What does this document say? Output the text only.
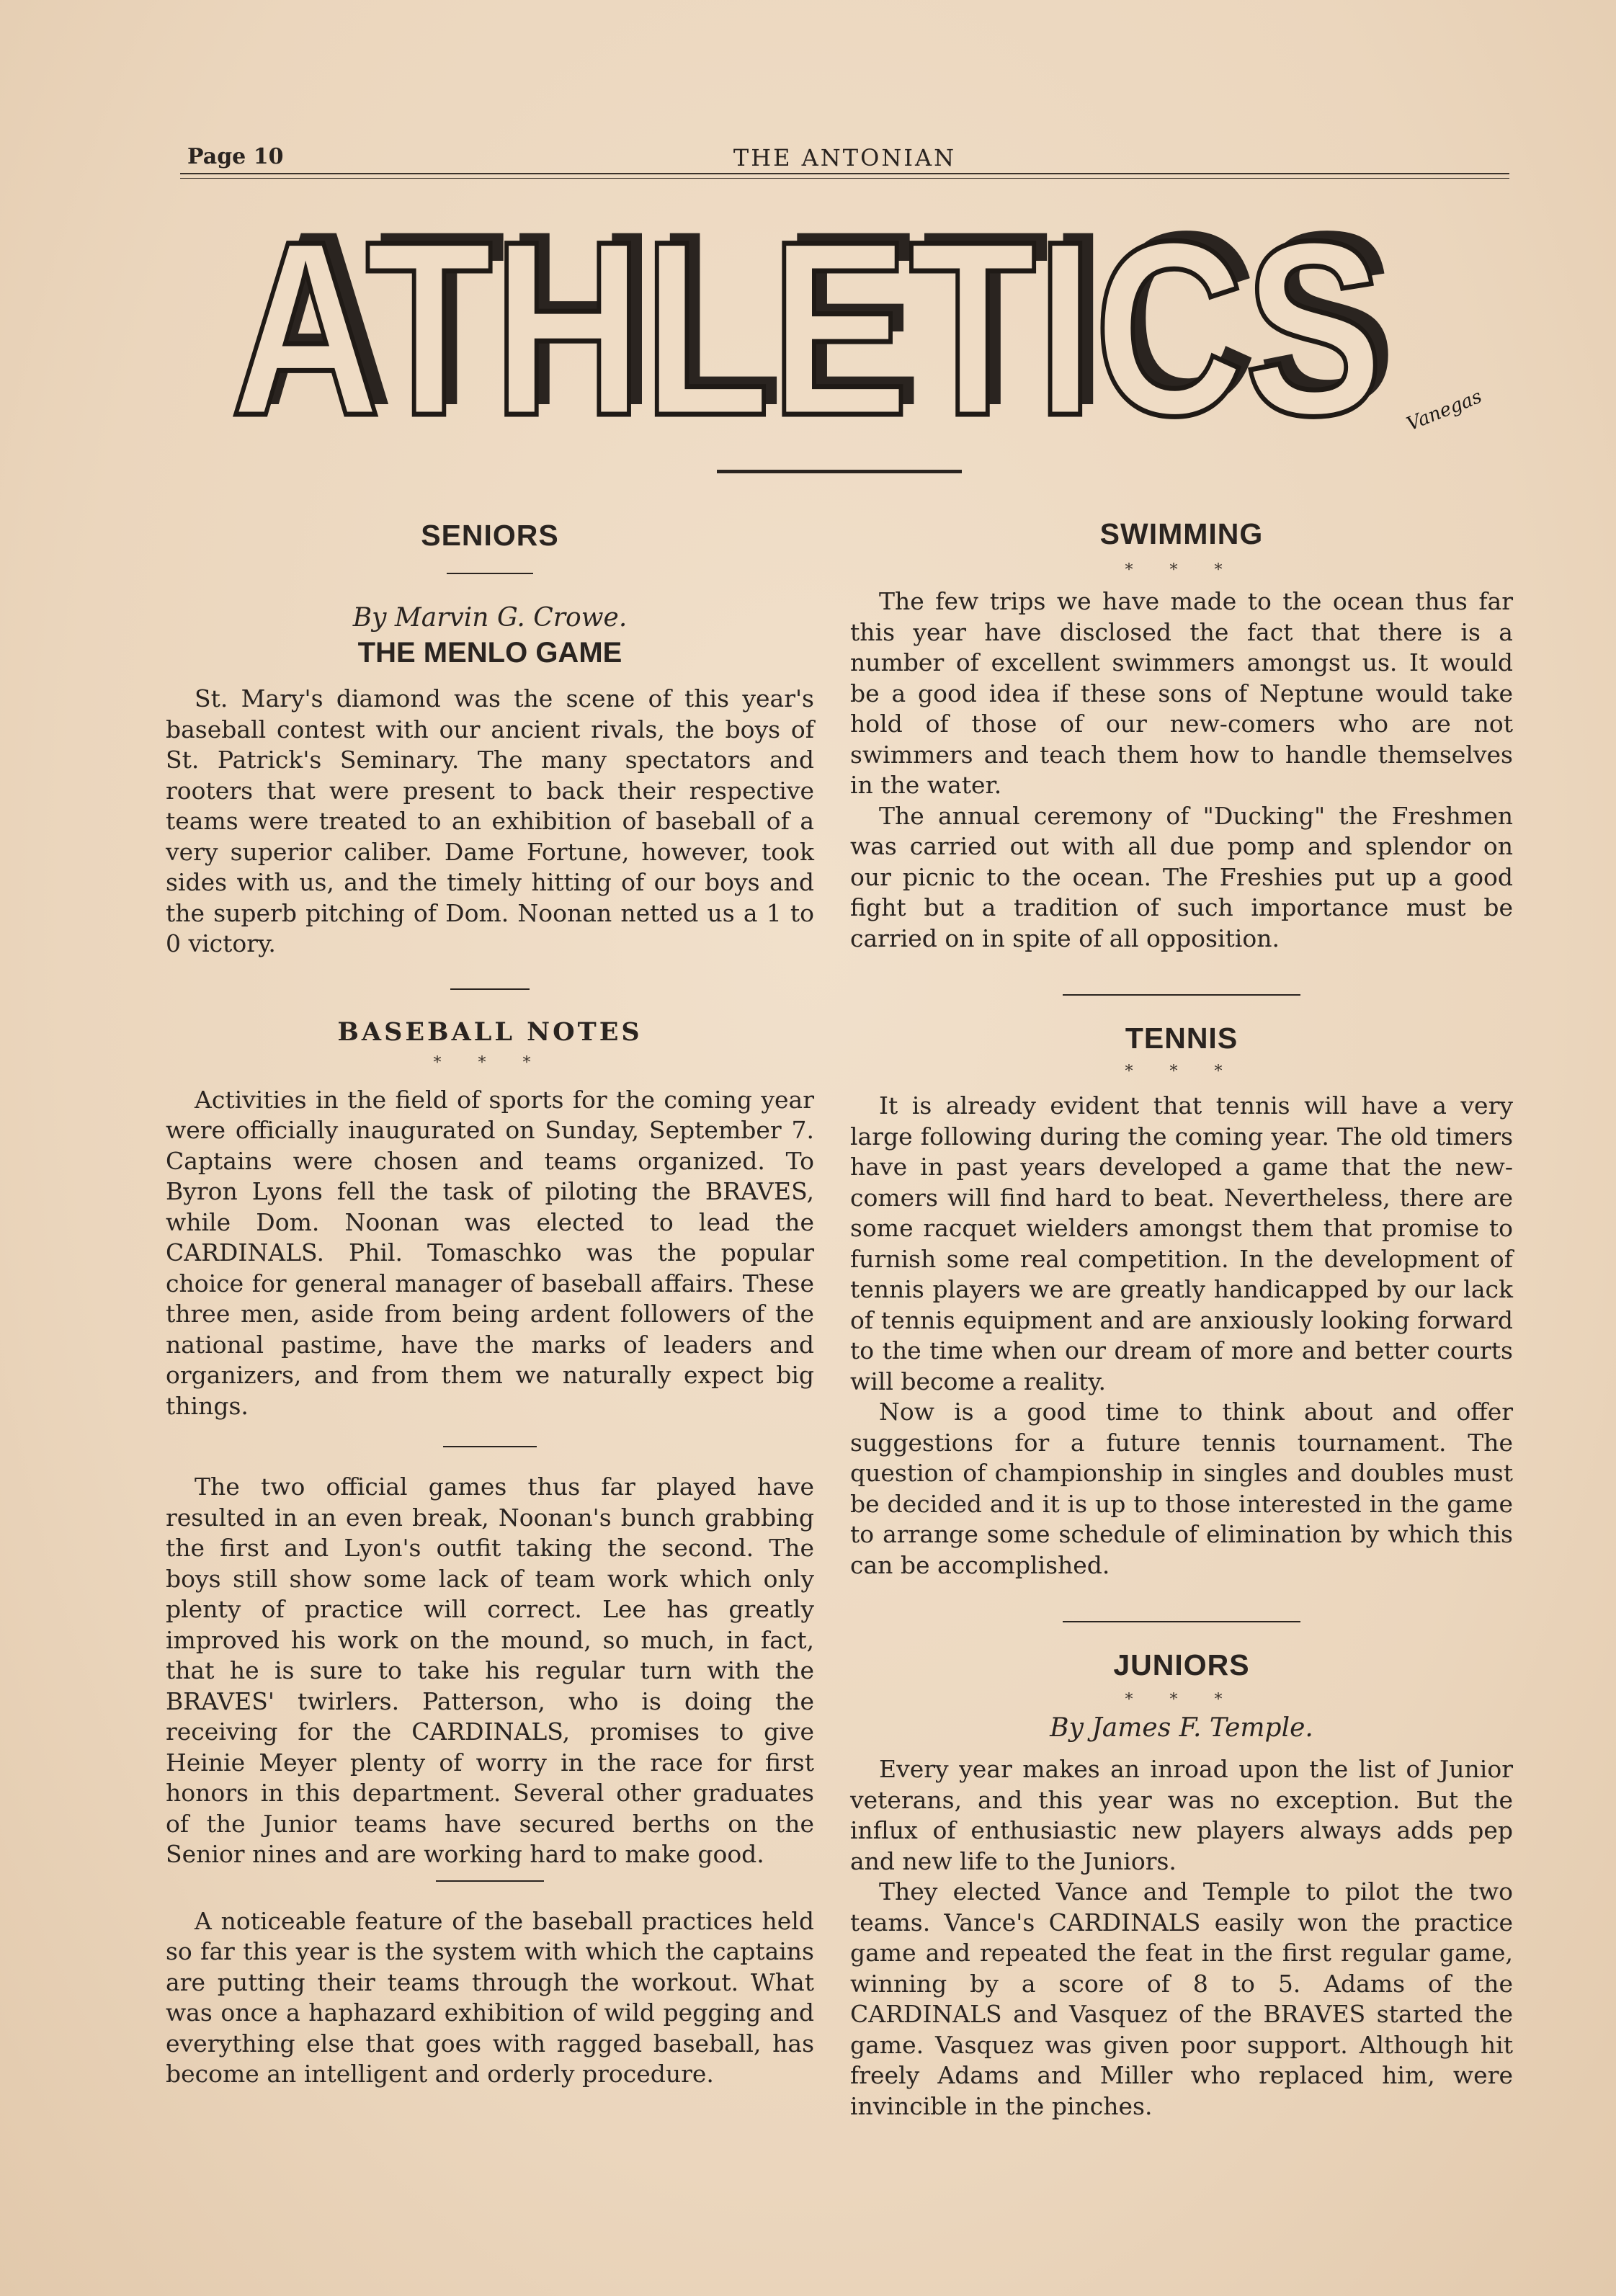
Page 10	THE ANTONIAN
ATHLETICS
ATHLETICS Vanegas
SENIORS

By Marvin G. Crowe.

THE MENLO GAME

St. Mary's diamond was the scene of this year's baseball contest with our ancient rivals, the boys of St. Patrick's Seminary. The many spectators and rooters that were present to back their respective teams were treated to an exhibition of baseball of a very superior caliber. Dame Fortune, however, took sides with us, and the timely hitting of our boys and the superb pitching of Dom. Noonan netted us a 1 to 0 victory.

BASEBALL NOTES

* * *

Activities in the field of sports for the coming year were officially inaugurated on Sunday, September 7. Captains were chosen and teams organized. To Byron Lyons fell the task of piloting the BRAVES, while Dom. Noonan was elected to lead the CARDINALS. Phil. Tomaschko was the popular choice for general manager of baseball affairs. These three men, aside from being ardent followers of the national pastime, have the marks of leaders and organizers, and from them we naturally expect big things.

The two official games thus far played have resulted in an even break, Noonan's bunch grabbing the first and Lyon's outfit taking the second. The boys still show some lack of team work which only plenty of practice will correct. Lee has greatly improved his work on the mound, so much, in fact, that he is sure to take his regular turn with the BRAVES' twirlers. Patterson, who is doing the receiving for the CARDINALS, promises to give Heinie Meyer plenty of worry in the race for first honors in this department. Several other graduates of the Junior teams have secured berths on the Senior nines and are working hard to make good.

A noticeable feature of the baseball practices held so far this year is the system with which the captains are putting their teams through the workout. What was once a haphazard exhibition of wild pegging and everything else that goes with ragged baseball, has become an intelligent and orderly procedure.

SWIMMING

* * *

The few trips we have made to the ocean thus far this year have disclosed the fact that there is a number of excellent swimmers amongst us. It would be a good idea if these sons of Neptune would take hold of those of our new-comers who are not swimmers and teach them how to handle themselves in the water.

The annual ceremony of "Ducking" the Freshmen was carried out with all due pomp and splendor on our picnic to the ocean. The Freshies put up a good fight but a tradition of such importance must be carried on in spite of all opposition.

TENNIS

* * *

It is already evident that tennis will have a very large following during the coming year. The old timers have in past years developed a game that the new-comers will find hard to beat. Nevertheless, there are some racquet wielders amongst them that promise to furnish some real competition. In the development of tennis players we are greatly handicapped by our lack of tennis equipment and are anxiously looking forward to the time when our dream of more and better courts will become a reality.

Now is a good time to think about and offer suggestions for a future tennis tournament. The question of championship in singles and doubles must be decided and it is up to those interested in the game to arrange some schedule of elimination by which this can be accomplished.

JUNIORS

* * *

By James F. Temple.

Every year makes an inroad upon the list of Junior veterans, and this year was no exception. But the influx of enthusiastic new players always adds pep and new life to the Juniors.

They elected Vance and Temple to pilot the two teams. Vance's CARDINALS easily won the practice game and repeated the feat in the first regular game, winning by a score of 8 to 5. Adams of the CARDINALS and Vasquez of the BRAVES started the game. Vasquez was given poor support. Although hit freely Adams and Miller who replaced him, were invincible in the pinches.
